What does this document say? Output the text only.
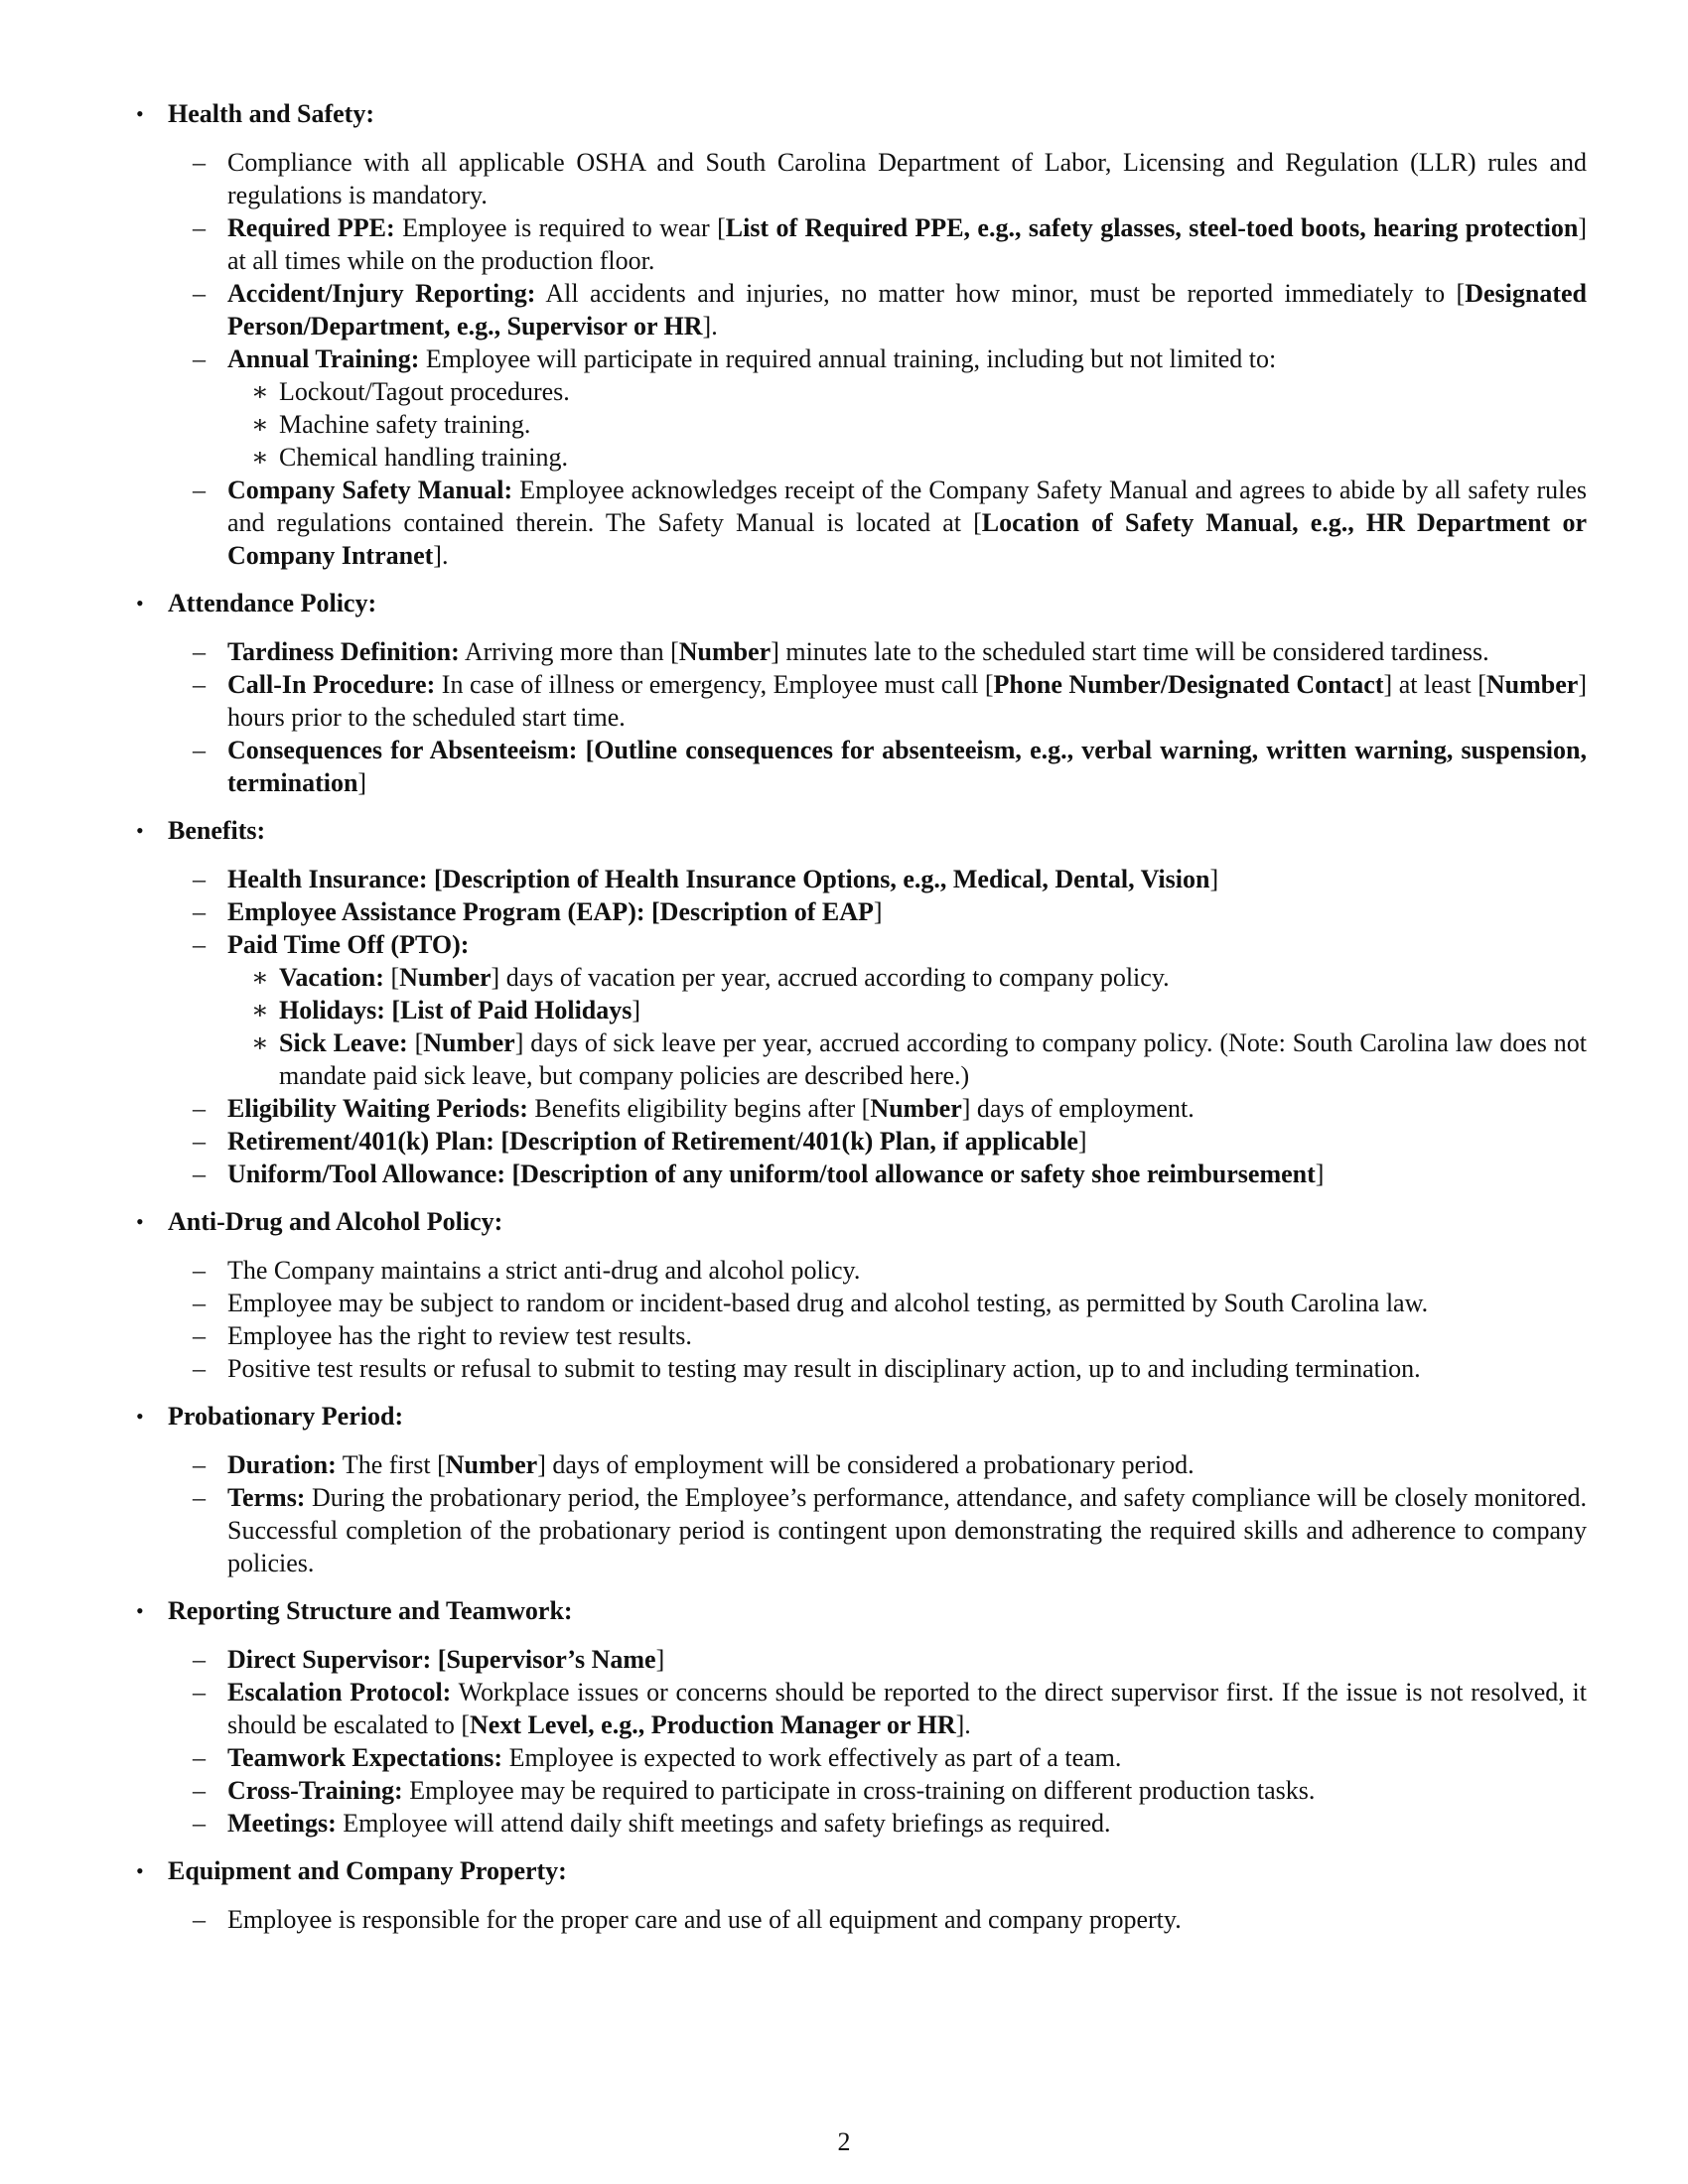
• Health and Safety:
– Compliance with all applicable OSHA and South Carolina Department of Labor, Licensing and Regulation (LLR) rules and regulations is mandatory.
– Required PPE: Employee is required to wear [List of Required PPE, e.g., safety glasses, steel-toed boots, hearing protection] at all times while on the production floor.
– Accident/Injury Reporting: All accidents and injuries, no matter how minor, must be reported immediately to [Designated Person/Department, e.g., Supervisor or HR].
– Annual Training: Employee will participate in required annual training, including but not limited to:
∗ Lockout/Tagout procedures.
∗ Machine safety training.
∗ Chemical handling training.
– Company Safety Manual: Employee acknowledges receipt of the Company Safety Manual and agrees to abide by all safety rules and regulations contained therein. The Safety Manual is located at [Location of Safety Manual, e.g., HR Department or Company Intranet].
• Attendance Policy:
– Tardiness Definition: Arriving more than [Number] minutes late to the scheduled start time will be considered tardiness.
– Call-In Procedure: In case of illness or emergency, Employee must call [Phone Number/Designated Contact] at least [Number] hours prior to the scheduled start time.
– Consequences for Absenteeism: [Outline consequences for absenteeism, e.g., verbal warning, written warning, suspension, termination]
• Benefits:
– Health Insurance: [Description of Health Insurance Options, e.g., Medical, Dental, Vision]
– Employee Assistance Program (EAP): [Description of EAP]
– Paid Time Off (PTO):
∗ Vacation: [Number] days of vacation per year, accrued according to company policy.
∗ Holidays: [List of Paid Holidays]
∗ Sick Leave: [Number] days of sick leave per year, accrued according to company policy. (Note: South Carolina law does not mandate paid sick leave, but company policies are described here.)
– Eligibility Waiting Periods: Benefits eligibility begins after [Number] days of employment.
– Retirement/401(k) Plan: [Description of Retirement/401(k) Plan, if applicable]
– Uniform/Tool Allowance: [Description of any uniform/tool allowance or safety shoe reimbursement]
• Anti-Drug and Alcohol Policy:
– The Company maintains a strict anti-drug and alcohol policy.
– Employee may be subject to random or incident-based drug and alcohol testing, as permitted by South Carolina law.
– Employee has the right to review test results.
– Positive test results or refusal to submit to testing may result in disciplinary action, up to and including termination.
• Probationary Period:
– Duration: The first [Number] days of employment will be considered a probationary period.
– Terms: During the probationary period, the Employee’s performance, attendance, and safety compliance will be closely monitored. Successful completion of the probationary period is contingent upon demonstrating the required skills and adherence to company policies.
• Reporting Structure and Teamwork:
– Direct Supervisor: [Supervisor’s Name]
– Escalation Protocol: Workplace issues or concerns should be reported to the direct supervisor first. If the issue is not resolved, it should be escalated to [Next Level, e.g., Production Manager or HR].
– Teamwork Expectations: Employee is expected to work effectively as part of a team.
– Cross-Training: Employee may be required to participate in cross-training on different production tasks.
– Meetings: Employee will attend daily shift meetings and safety briefings as required.
• Equipment and Company Property:
– Employee is responsible for the proper care and use of all equipment and company property.
2
